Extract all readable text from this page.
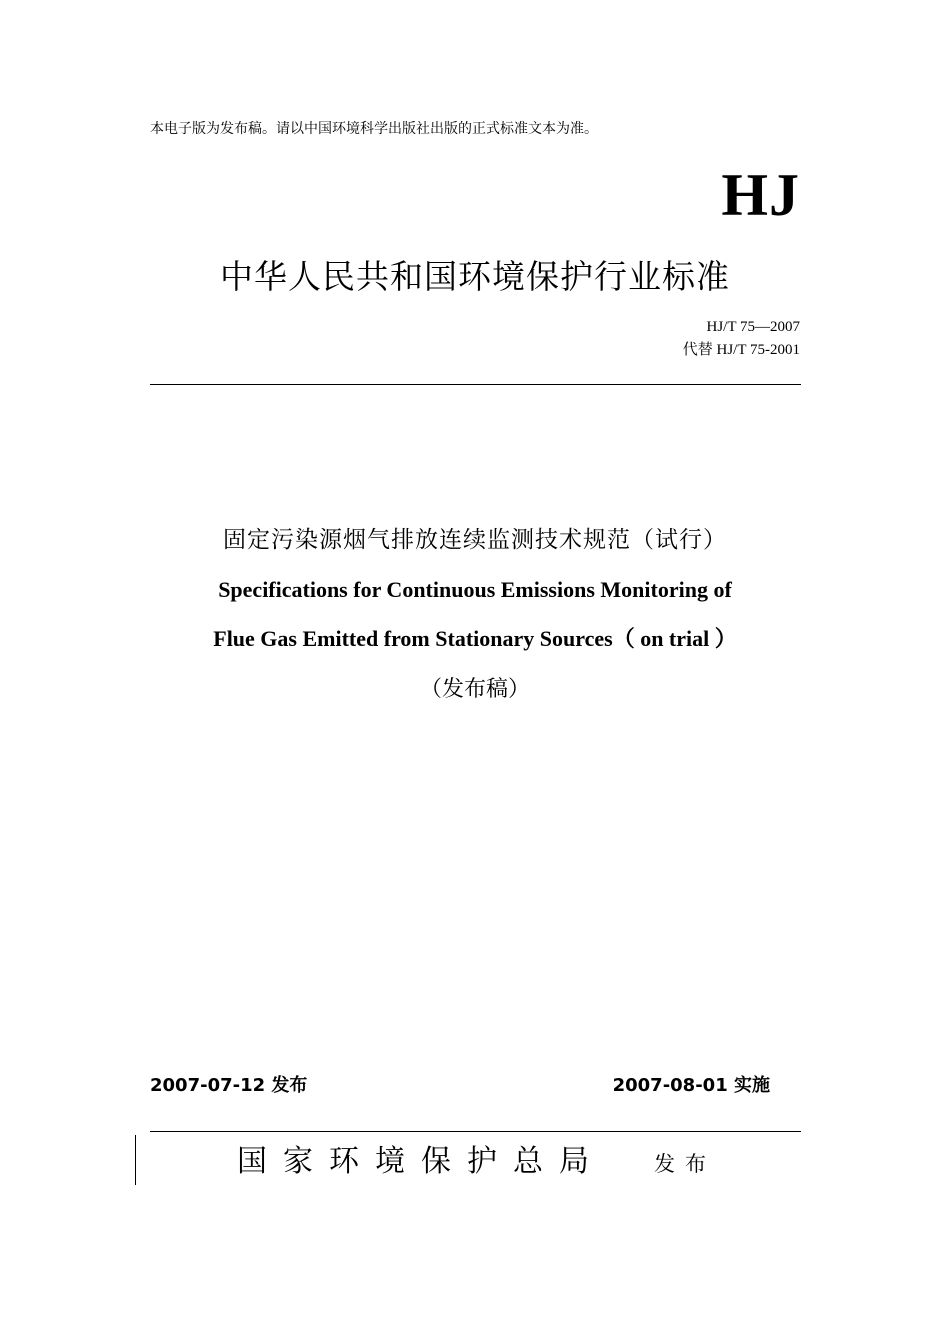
本电子版为发布稿。请以中国环境科学出版社出版的正式标准文本为准。
HJ
中华人民共和国环境保护行业标准
HJ/T 75—2007
代替 HJ/T 75-2001
固定污染源烟气排放连续监测技术规范（试行）
Specifications for Continuous Emissions Monitoring of
Flue Gas Emitted from Stationary Sources（ on trial ）
（发布稿）
2007-07-12 发布	2007-08-01 实施
国家环境保护总局 发布
